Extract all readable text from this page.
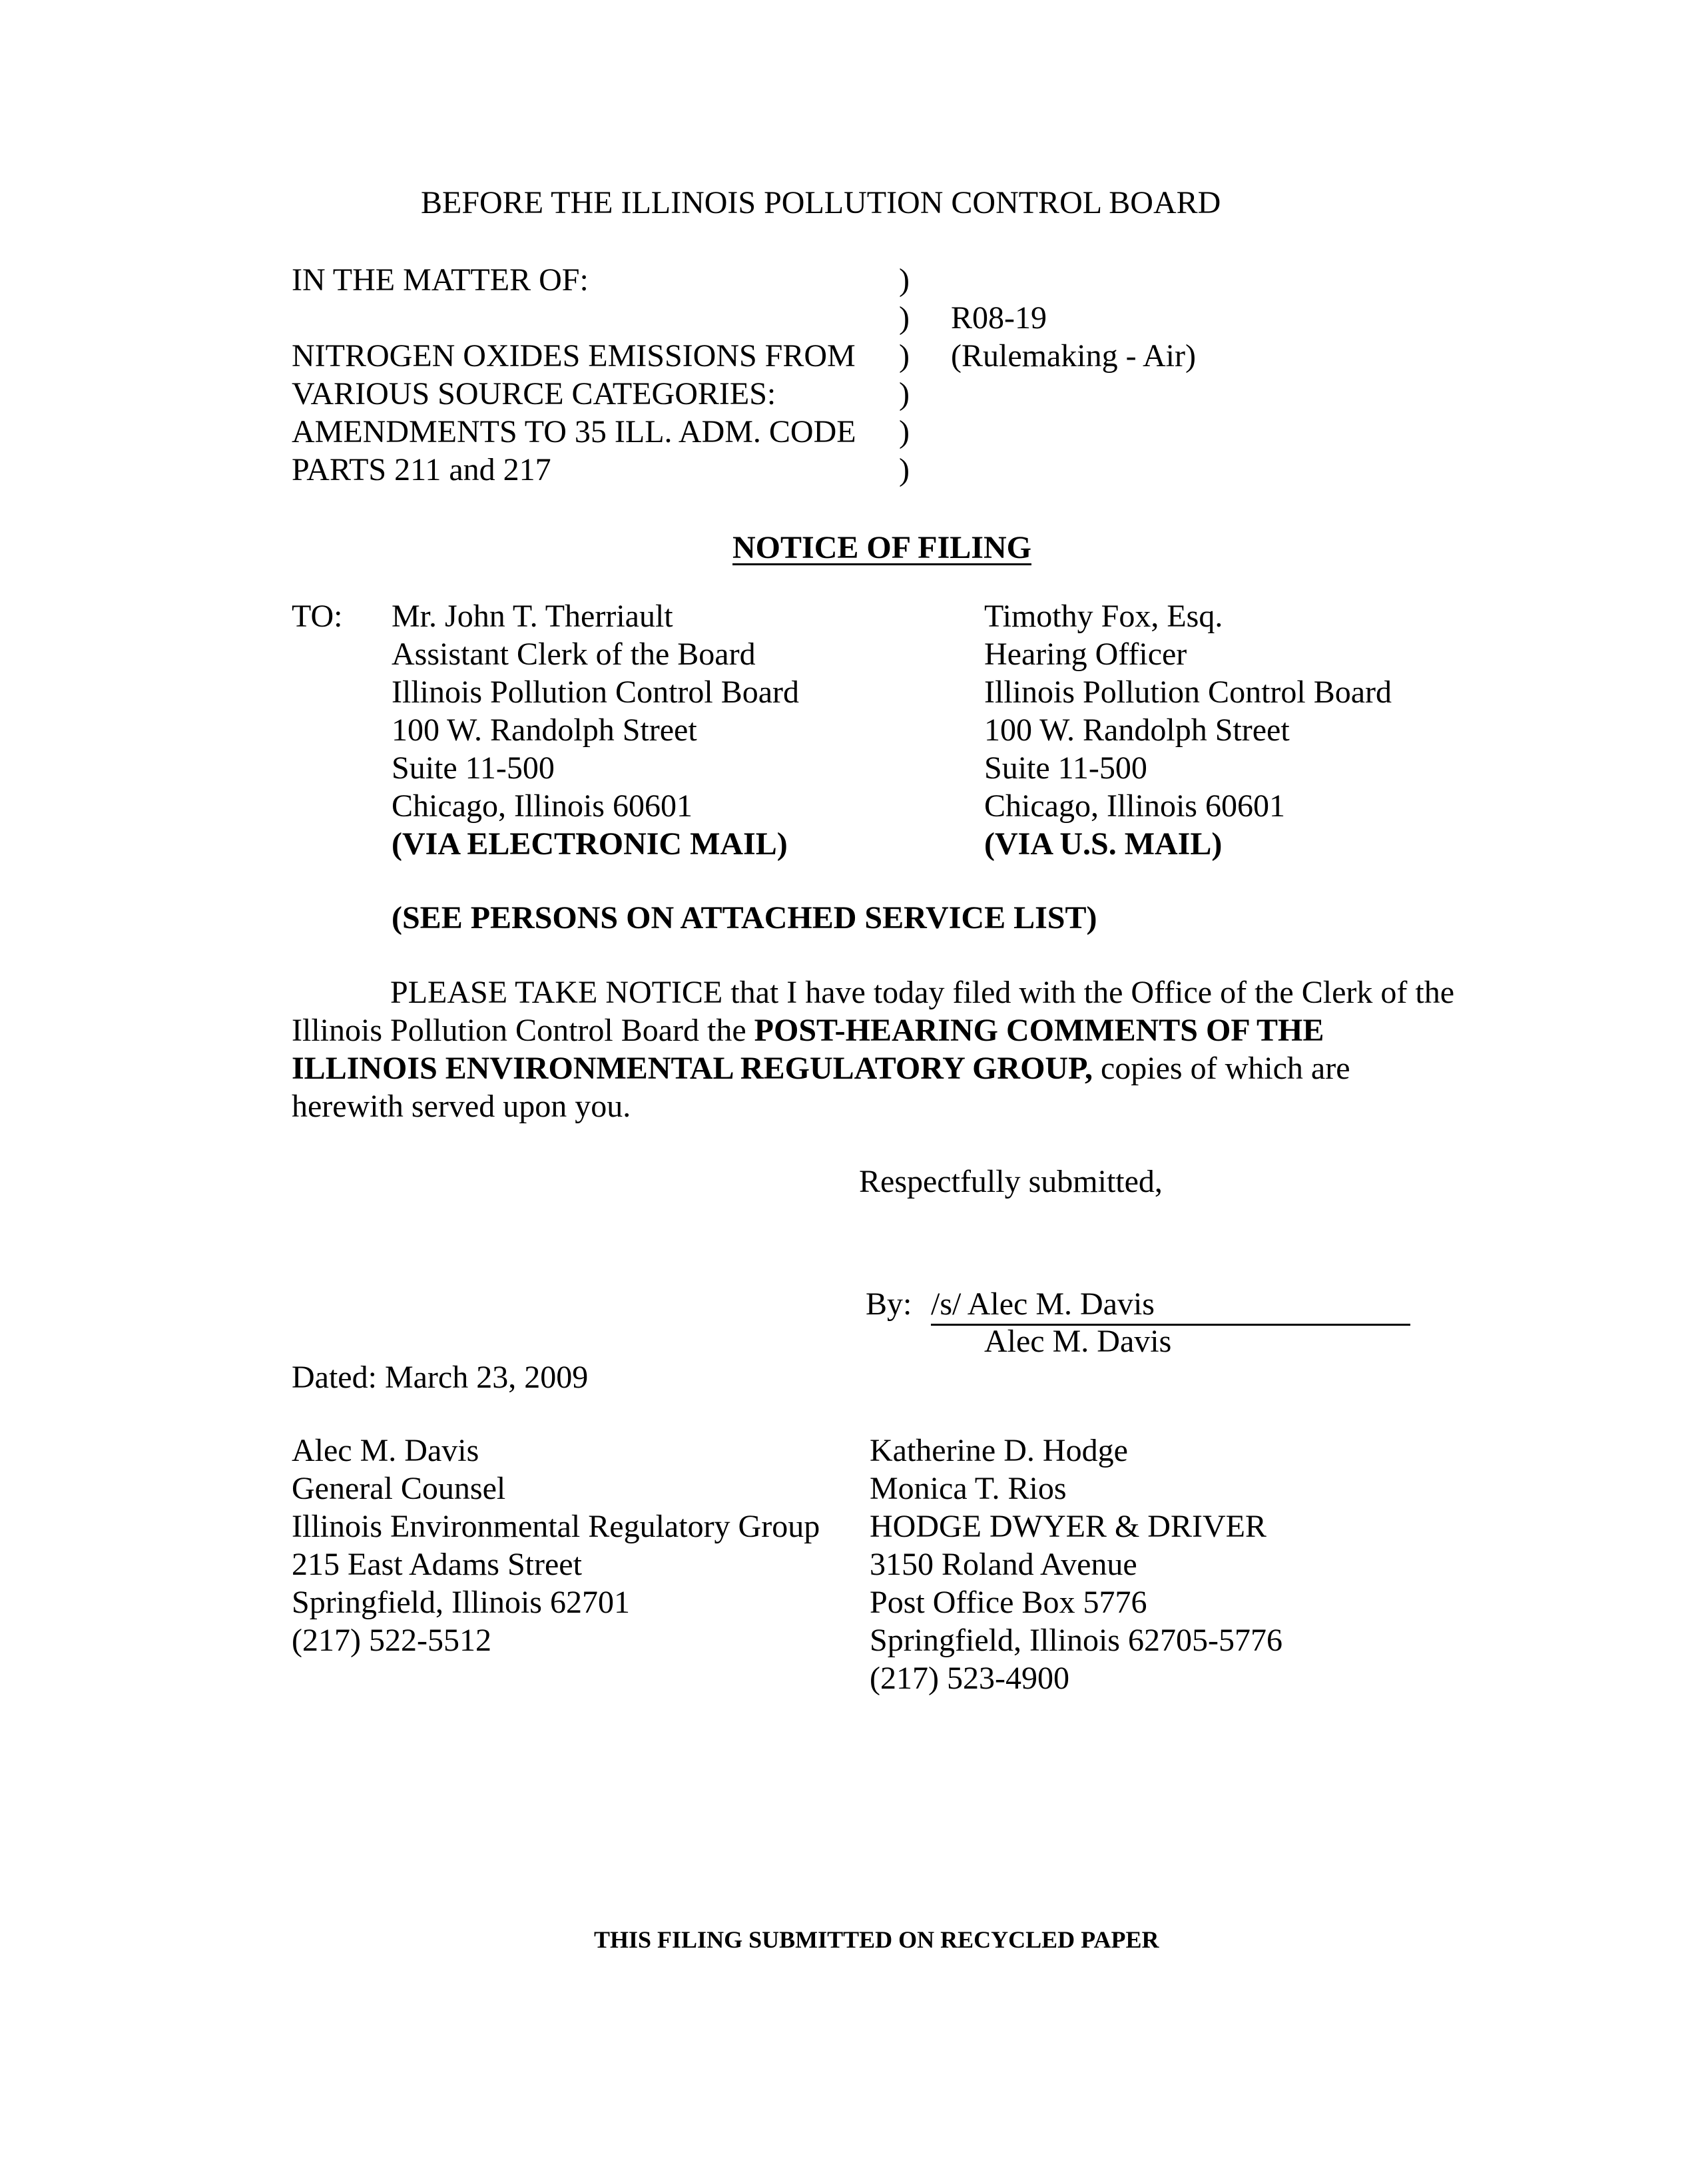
BEFORE THE ILLINOIS POLLUTION CONTROL BOARD
IN THE MATTER OF:
NITROGEN OXIDES EMISSIONS FROM
VARIOUS SOURCE CATEGORIES:
AMENDMENTS TO 35 ILL. ADM. CODE
PARTS 211 and 217
)
)
)
)
)
)
R08-19
(Rulemaking - Air)
NOTICE OF FILING
TO: Mr. John T. Therriault
Assistant Clerk of the Board
Illinois Pollution Control Board
100 W. Randolph Street
Suite 11-500
Chicago, Illinois 60601
(VIA ELECTRONIC MAIL)
Timothy Fox, Esq.
Hearing Officer
Illinois Pollution Control Board
100 W. Randolph Street
Suite 11-500
Chicago, Illinois 60601
(VIA U.S. MAIL)
(SEE PERSONS ON ATTACHED SERVICE LIST)
PLEASE TAKE NOTICE that I have today filed with the Office of the Clerk of the Illinois Pollution Control Board the POST-HEARING COMMENTS OF THE ILLINOIS ENVIRONMENTAL REGULATORY GROUP, copies of which are herewith served upon you.
Respectfully submitted,
By: /s/ Alec M. Davis
Alec M. Davis
Dated: March 23, 2009
Alec M. Davis
General Counsel
Illinois Environmental Regulatory Group
215 East Adams Street
Springfield, Illinois 62701
(217) 522-5512
Katherine D. Hodge
Monica T. Rios
HODGE DWYER & DRIVER
3150 Roland Avenue
Post Office Box 5776
Springfield, Illinois 62705-5776
(217) 523-4900
THIS FILING SUBMITTED ON RECYCLED PAPER
